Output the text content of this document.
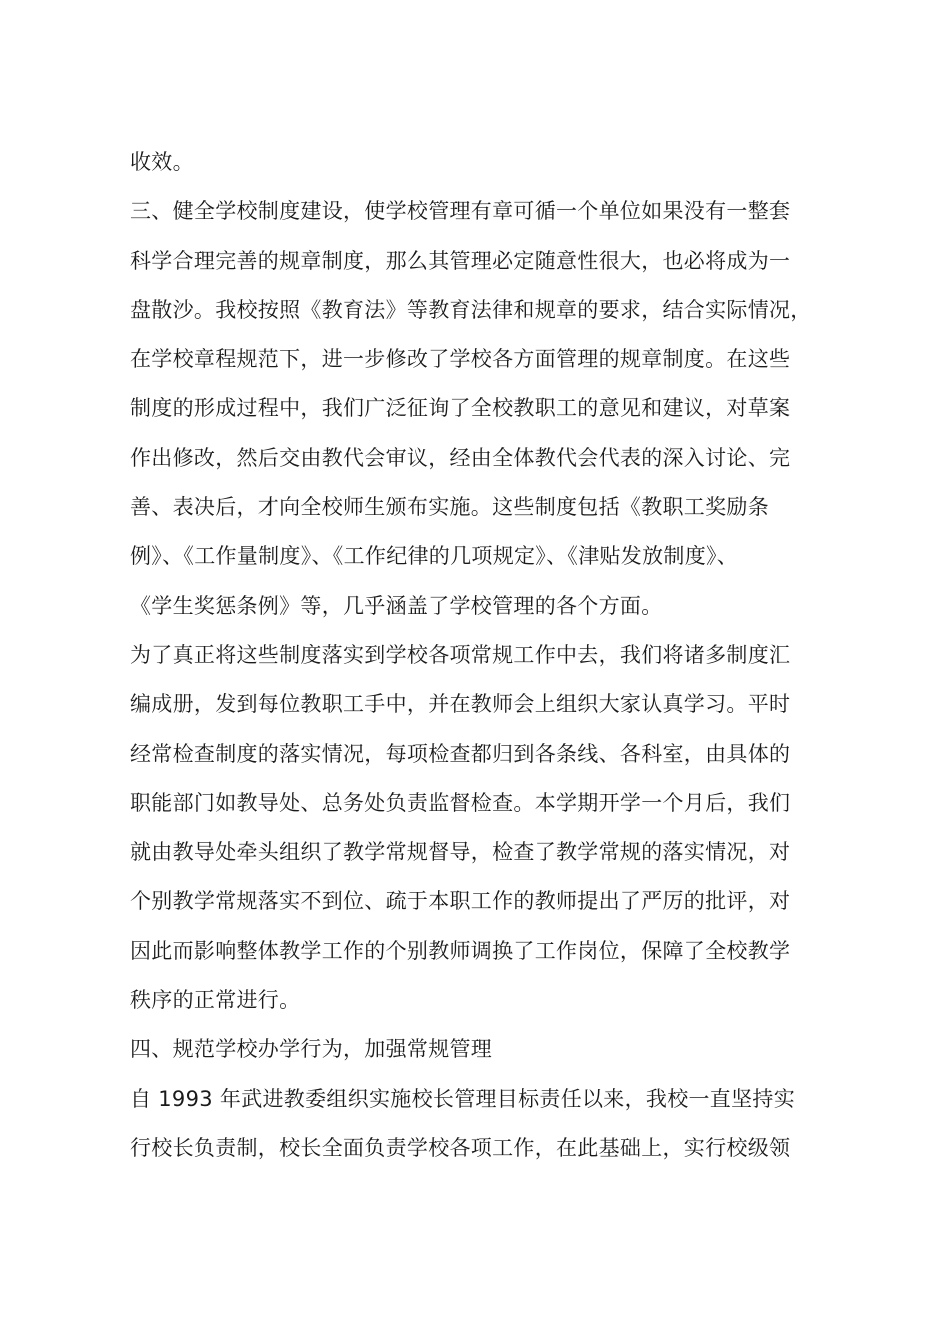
收效。
三、健全学校制度建设，使学校管理有章可循一个单位如果没有一整套
科学合理完善的规章制度，那么其管理必定随意性很大，也必将成为一
盘散沙。我校按照《教育法》等教育法律和规章的要求，结合实际情况，
在学校章程规范下，进一步修改了学校各方面管理的规章制度。在这些
制度的形成过程中，我们广泛征询了全校教职工的意见和建议，对草案
作出修改，然后交由教代会审议，经由全体教代会代表的深入讨论、完
善、表决后，才向全校师生颁布实施。这些制度包括《教职工奖励条
例》、《工作量制度》、《工作纪律的几项规定》、《津贴发放制度》、
《学生奖惩条例》等，几乎涵盖了学校管理的各个方面。
为了真正将这些制度落实到学校各项常规工作中去，我们将诸多制度汇
编成册，发到每位教职工手中，并在教师会上组织大家认真学习。平时
经常检查制度的落实情况，每项检查都归到各条线、各科室，由具体的
职能部门如教导处、总务处负责监督检查。本学期开学一个月后，我们
就由教导处牵头组织了教学常规督导，检查了教学常规的落实情况，对
个别教学常规落实不到位、疏于本职工作的教师提出了严厉的批评，对
因此而影响整体教学工作的个别教师调换了工作岗位，保障了全校教学
秩序的正常进行。
四、规范学校办学行为，加强常规管理
自 1993 年武进教委组织实施校长管理目标责任以来，我校一直坚持实
行校长负责制，校长全面负责学校各项工作，在此基础上，实行校级领
